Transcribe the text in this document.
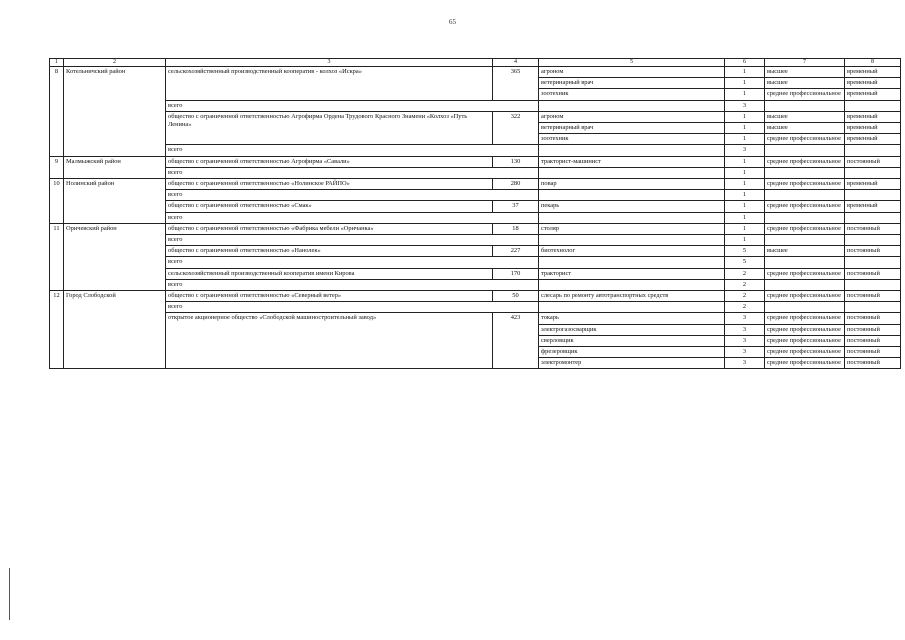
65
1	2	3	4	5	6	7	8
8	Котельничский район	сельскохозяйственный производственный кооператив - колхоз «Искра»	365	агроном	1	высшее	временный
				ветеринарный врач	1	высшее	временный
				зоотехник	1	среднее профессиональное	временный
		всего			3		
		общество с ограниченной ответственностью Агрофирма Ордена Трудового Красного Знамени «Колхоз «Путь Ленина»	322	агроном	1	высшее	временный
				ветеринарный врач	1	высшее	временный
				зоотехник	1	среднее профессиональное	временный
		всего			3		
9	Малмыжский район	общество с ограниченной ответственностью Агрофирма «Савали»	130	тракторист-машинист	1	среднее профессиональное	постоянный
		всего			1		
10	Нолинский район	общество с ограниченной ответственностью «Нолинское РАЙПО»	280	повар	1	среднее профессиональное	временный
		всего			1		
		общество с ограниченной ответственностью «Смак»	37	пекарь	1	среднее профессиональное	временный
		всего			1		
11	Оричевский район	общество с ограниченной ответственностью «Фабрика мебели «Оричанка»	18	столяр	1	среднее профессиональное	постоянный
		всего			1		
		общество с ограниченной ответственностью «Нанолек»	227	биотехнолог	5	высшее	постоянный
		всего			5		
		сельскохозяйственный производственный кооператив имени Кирова	170	тракторист	2	среднее профессиональное	постоянный
		всего			2		
12	Город Слободской	общество с ограниченной ответственностью «Северный ветер»	50	слесарь по ремонту автотранспортных средств	2	среднее профессиональное	постоянный
		всего			2		
		открытое акционерное общество «Слободской машиностроительный завод»	423	токарь	3	среднее профессиональное	постоянный
				электрогазосварщик	3	среднее профессиональное	постоянный
				сверловщик	3	среднее профессиональное	постоянный
				фрезеровщик	3	среднее профессиональное	постоянный
				электромонтер	3	среднее профессиональное	постоянный
